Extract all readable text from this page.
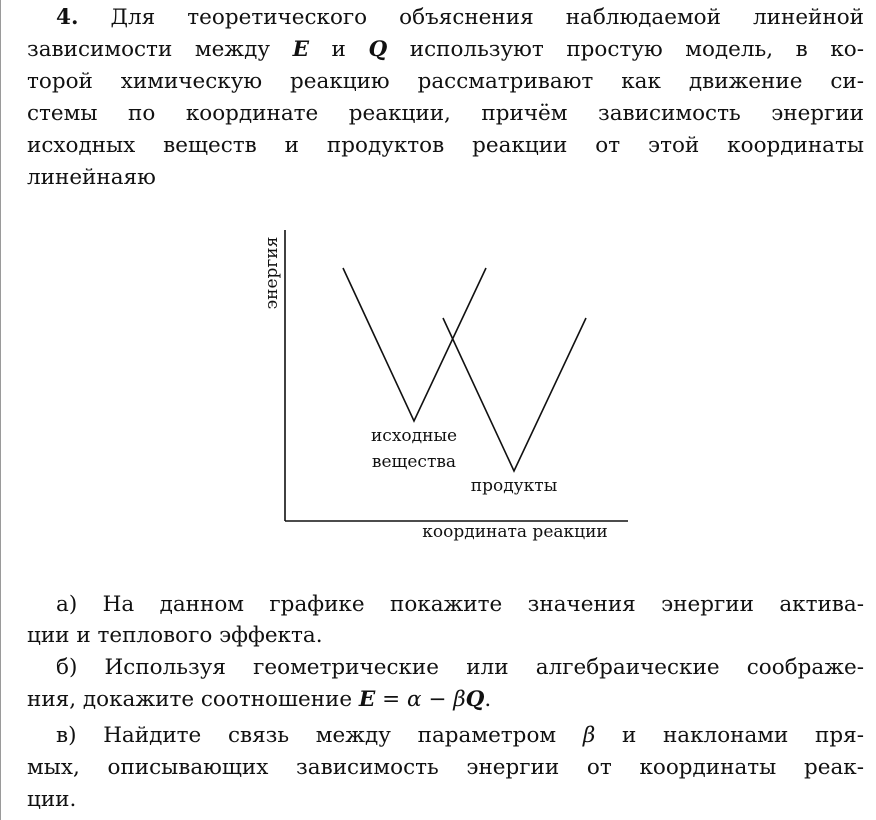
4. Для теоретического объяснения наблюдаемой линейной
зависимости между E и Q используют простую модель, в ко-
торой химическую реакцию рассматривают как движение си-
стемы по координате реакции, причём зависимость энергии
исходных веществ и продуктов реакции от этой координаты
линейнаяю
энергия
координата реакции
исходные
вещества
продукты
а) На данном графике покажите значения энергии актива-
ции и теплового эффекта.
б) Используя геометрические или алгебраические соображе-
ния, докажите соотношение E = α − βQ.
в) Найдите связь между параметром β и наклонами пря-
мых, описывающих зависимость энергии от координаты реак-
ции.
